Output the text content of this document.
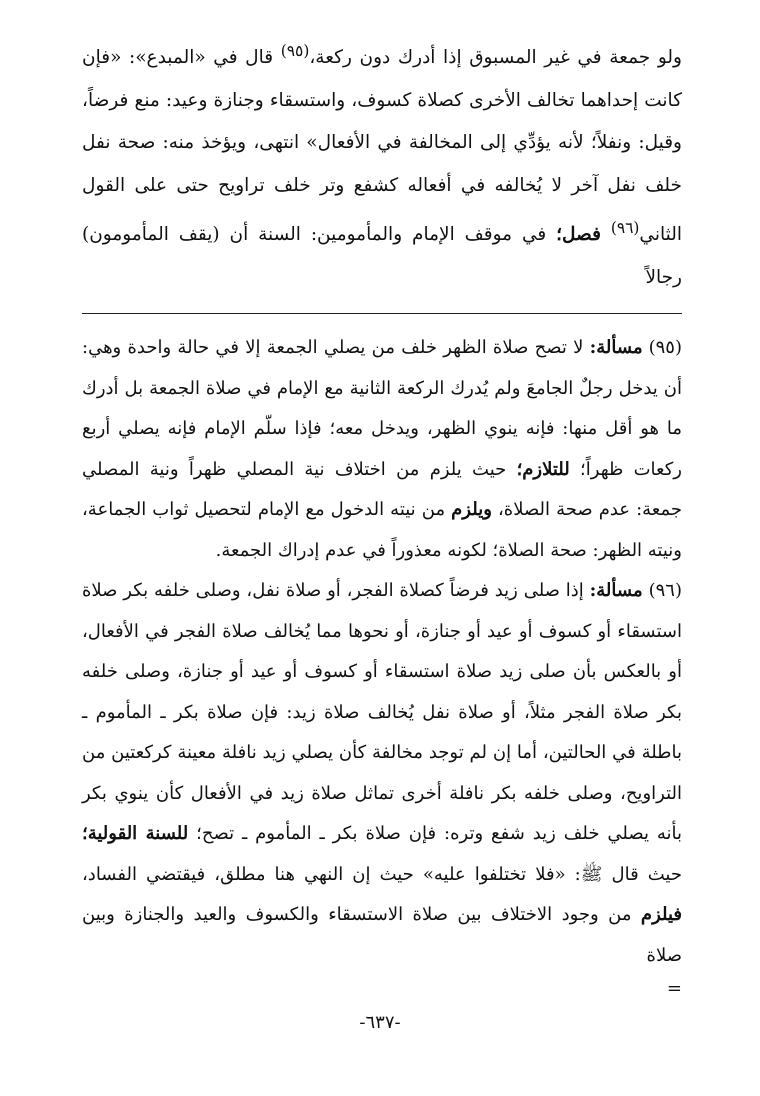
ولو جمعة في غير المسبوق إذا أدرك دون ركعة،$^{(٩٥)}$ قال في «المبدع»: «فإن كانت إحداهما تخالف الأخرى كصلاة كسوف، واستسقاء وجنازة وعيد: منع فرضاً، وقيل: ونفلاً؛ لأنه يؤدِّي إلى المخالفة في الأفعال» انتهى، ويؤخذ منه: صحة نفل خلف نفل آخر لا يُخالفه في أفعاله كشفع وتر خلف تراويح حتى على القول الثاني$^{(٩٦)}$ فصل؛ في موقف الإمام والمأمومين: السنة أن (يقف المأمومون) رجالاً

(٩٥)مسألة: لا تصح صلاة الظهر خلف من يصلي الجمعة إلا في حالة واحدة وهي: أن يدخل رجلٌ الجامعَ ولم يُدرك الركعة الثانية مع الإمام في صلاة الجمعة بل أدرك ما هو أقل منها: فإنه ينوي الظهر، ويدخل معه؛ فإذا سلّم الإمام فإنه يصلي أربع ركعات ظهراً؛ للتلازم؛ حيث يلزم من اختلاف نية المصلي ظهراً ونية المصلي جمعة: عدم صحة الصلاة، ويلزم من نيته الدخول مع الإمام لتحصيل ثواب الجماعة، ونيته الظهر: صحة الصلاة؛ لكونه معذوراً في عدم إدراك الجمعة.

(٩٦)مسألة: إذا صلى زيد فرضاً كصلاة الفجر، أو صلاة نفل، وصلى خلفه بكر صلاة استسقاء أو كسوف أو عيد أو جنازة، أو نحوها مما يُخالف صلاة الفجر في الأفعال، أو بالعكس بأن صلى زيد صلاة استسقاء أو كسوف أو عيد أو جنازة، وصلى خلفه بكر صلاة الفجر مثلاً، أو صلاة نفل يُخالف صلاة زيد: فإن صلاة بكر ـ المأموم ـ باطلة في الحالتين، أما إن لم توجد مخالفة كأن يصلي زيد نافلة معينة كركعتين من التراويح، وصلى خلفه بكر نافلة أخرى تماثل صلاة زيد في الأفعال كأن ينوي بكر بأنه يصلي خلف زيد شفع وتره: فإن صلاة بكر ـ المأموم ـ تصح؛ للسنة القولية؛ حيث قال ﷺ: «فلا تختلفوا عليه» حيث إن النهي هنا مطلق، فيقتضي الفساد، فيلزم من وجود الاختلاف بين صلاة الاستسقاء والكسوف والعيد والجنازة وبين صلاة

=

-٦٣٧-
